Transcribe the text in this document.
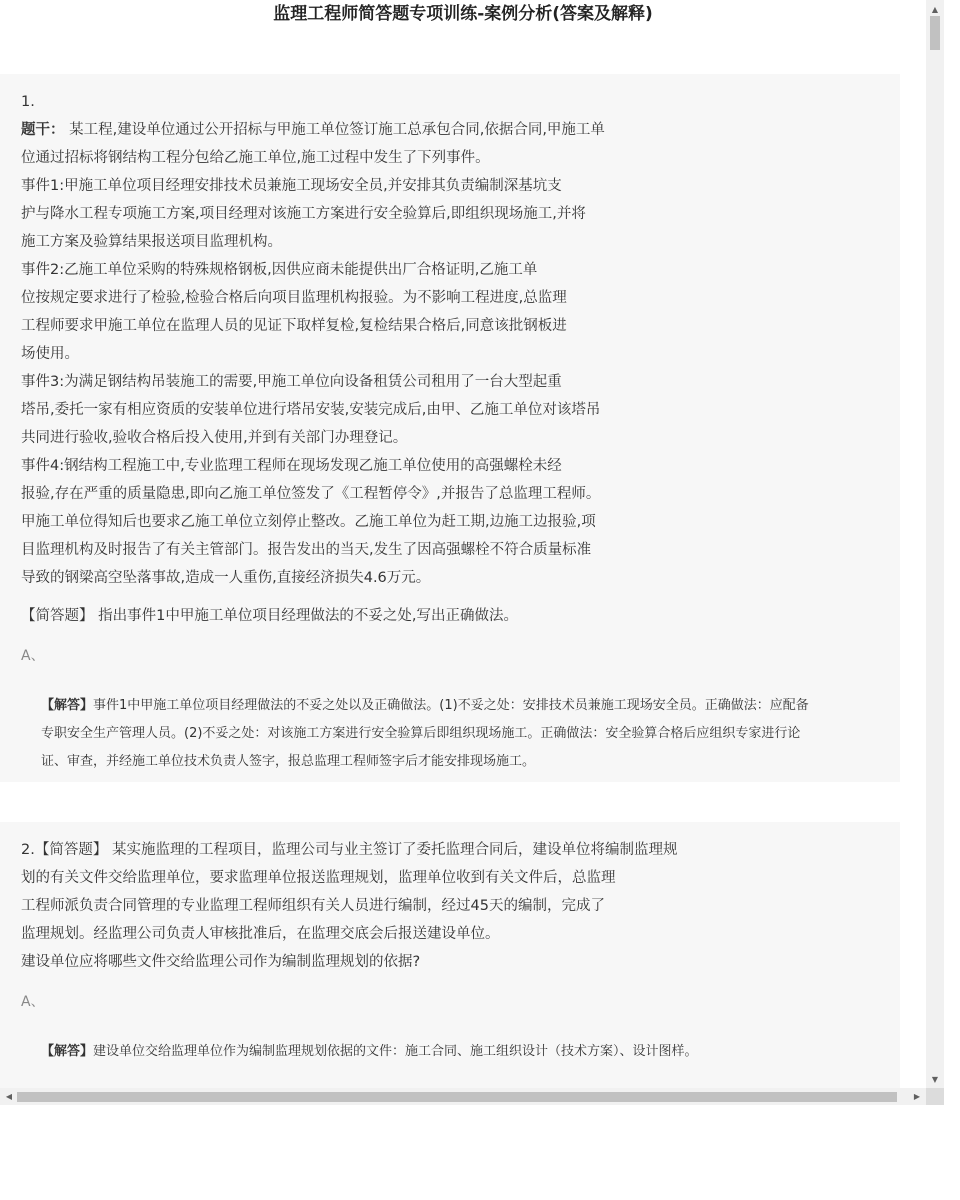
监理工程师简答题专项训练-案例分析(答案及解释)
1.
题干： 某工程,建设单位通过公开招标与甲施工单位签订施工总承包合同,依据合同,甲施工单
位通过招标将钢结构工程分包给乙施工单位,施工过程中发生了下列事件。
事件1:甲施工单位项目经理安排技术员兼施工现场安全员,并安排其负责编制深基坑支
护与降水工程专项施工方案,项目经理对该施工方案进行安全验算后,即组织现场施工,并将
施工方案及验算结果报送项目监理机构。
事件2:乙施工单位采购的特殊规格钢板,因供应商未能提供出厂合格证明,乙施工单
位按规定要求进行了检验,检验合格后向项目监理机构报验。为不影响工程进度,总监理
工程师要求甲施工单位在监理人员的见证下取样复检,复检结果合格后,同意该批钢板进
场使用。
事件3:为满足钢结构吊装施工的需要,甲施工单位向设备租赁公司租用了一台大型起重
塔吊,委托一家有相应资质的安装单位进行塔吊安装,安装完成后,由甲、乙施工单位对该塔吊
共同进行验收,验收合格后投入使用,并到有关部门办理登记。
事件4:钢结构工程施工中,专业监理工程师在现场发现乙施工单位使用的高强螺栓未经
报验,存在严重的质量隐患,即向乙施工单位签发了《工程暂停令》,并报告了总监理工程师。
甲施工单位得知后也要求乙施工单位立刻停止整改。乙施工单位为赶工期,边施工边报验,项
目监理机构及时报告了有关主管部门。报告发出的当天,发生了因高强螺栓不符合质量标准
导致的钢梁高空坠落事故,造成一人重伤,直接经济损失4.6万元。
【简答题】 指出事件1中甲施工单位项目经理做法的不妥之处,写出正确做法。
A、
【解答】事件1中甲施工单位项目经理做法的不妥之处以及正确做法。(1)不妥之处：安排技术员兼施工现场安全员。正确做法：应配备
专职安全生产管理人员。(2)不妥之处：对该施工方案进行安全验算后即组织现场施工。正确做法：安全验算合格后应组织专家进行论
证、审查，并经施工单位技术负责人签字，报总监理工程师签字后才能安排现场施工。
2.【简答题】 某实施监理的工程项目，监理公司与业主签订了委托监理合同后，建设单位将编制监理规
划的有关文件交给监理单位，要求监理单位报送监理规划，监理单位收到有关文件后，总监理
工程师派负责合同管理的专业监理工程师组织有关人员进行编制，经过45天的编制，完成了
监理规划。经监理公司负责人审核批准后，在监理交底会后报送建设单位。
建设单位应将哪些文件交给监理公司作为编制监理规划的依据?
A、
【解答】建设单位交给监理单位作为编制监理规划依据的文件：施工合同、施工组织设计（技术方案）、设计图样。
▲
▼
◀	▶
